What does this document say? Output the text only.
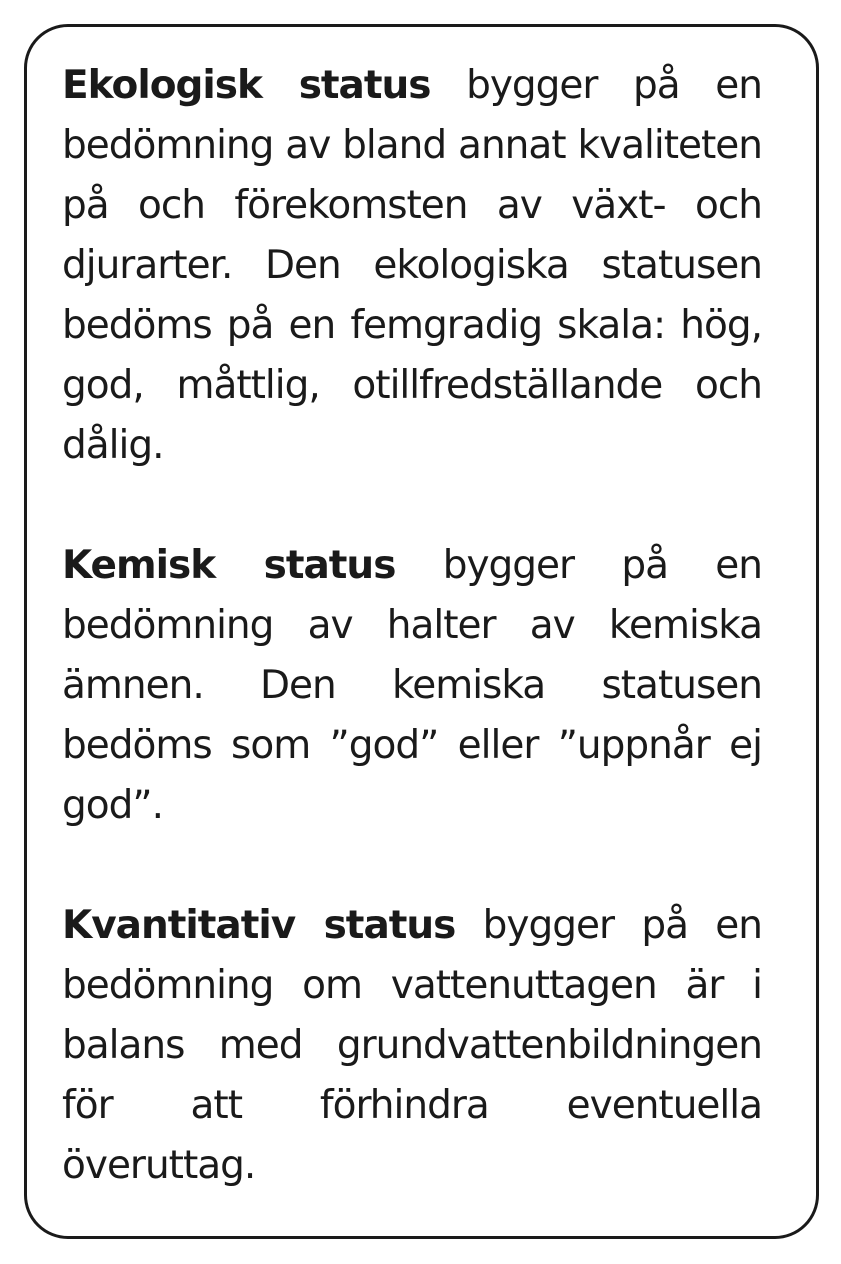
Ekologisk status bygger på en bedömning av bland annat kvaliteten på och förekomsten av växt- och djurarter. Den ekologiska statusen bedöms på en femgradig skala: hög, god, måttlig, otillfredställande och dålig.

Kemisk status bygger på en bedömning av halter av kemiska ämnen. Den kemiska statusen bedöms som ”god” eller ”uppnår ej god”.

Kvantitativ status bygger på en bedömning om vattenuttagen är i balans med grundvattenbildningen för att förhindra eventuella överuttag.
